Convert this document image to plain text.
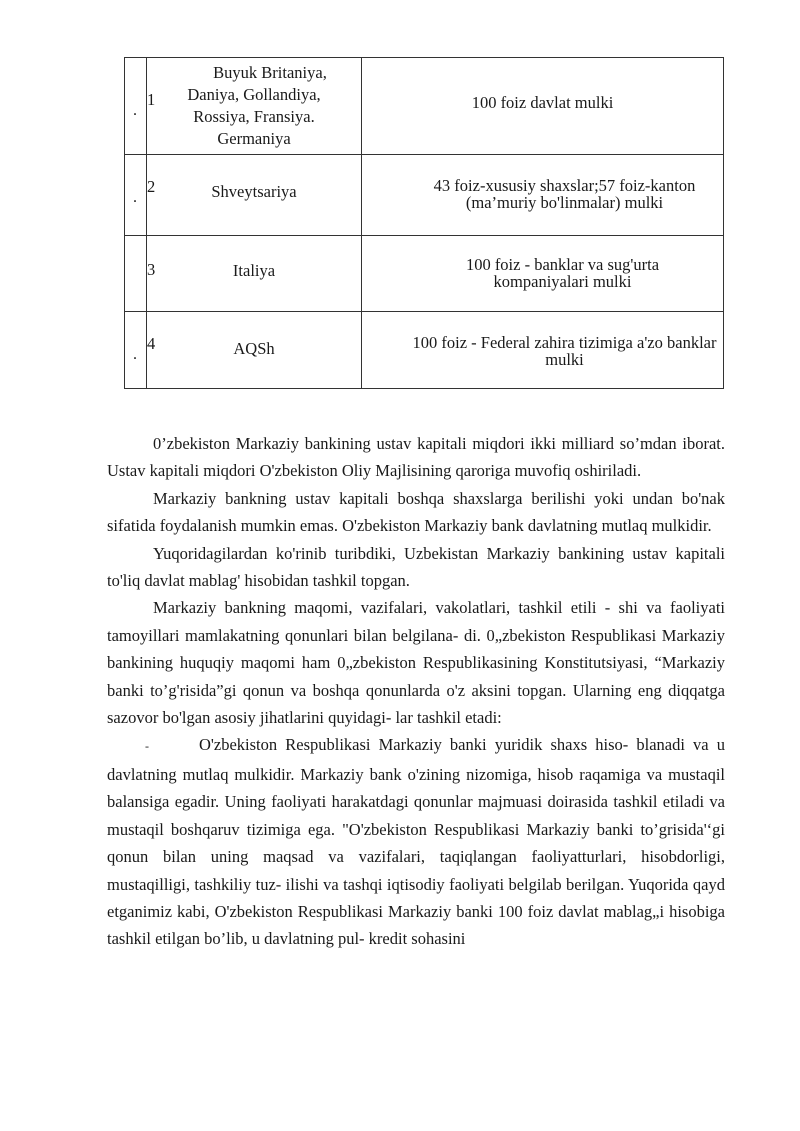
.
1	Buyuk Britaniya,
Daniya, Gollandiya,
Rossiya, Fransiya.
Germaniya	100 foiz davlat mulki

.
2	Shveytsariya	43 foiz-xususiy shaxslar;57 foiz-kanton (ma’muriy bo'linmalar) mulki

3	Italiya	100 foiz - banklar va sug'urta kompaniyalari mulki

.
4	AQSh	100 foiz - Federal zahira tizimiga a'zo banklar mulki

0’zbekiston Markaziy bankining ustav kapitali miqdori ikki milliard so’mdan iborat. Ustav kapitali miqdori O'zbekiston Oliy Majlisining qaroriga muvofiq oshiriladi.

Markaziy bankning ustav kapitali boshqa shaxslarga berilishi yoki undan bo'nak sifatida foydalanish mumkin emas. O'zbekiston Markaziy bank davlatning mutlaq mulkidir.

Yuqoridagilardan ko'rinib turibdiki, Uzbekistan Markaziy bankining ustav kapitali to'liq davlat mablag' hisobidan tashkil topgan.

Markaziy bankning maqomi, vazifalari, vakolatlari, tashkil etili - shi va faoliyati tamoyillari mamlakatning qonunlari bilan belgilana- di. 0„zbekiston Respublikasi Markaziy bankining huquqiy maqomi ham 0„zbekiston Respublikasining Konstitutsiyasi, “Markaziy banki to’g'risida”gi qonun va boshqa qonunlarda o'z aksini topgan. Ularning eng diqqatga sazovor bo'lgan asosiy jihatlarini quyidagi- lar tashkil etadi:

-	O'zbekiston Respublikasi Markaziy banki yuridik shaxs hiso- blanadi va u davlatning mutlaq mulkidir. Markaziy bank o'zining nizomiga, hisob raqamiga va mustaqil balansiga egadir. Uning faoliyati harakatdagi qonunlar majmuasi doirasida tashkil etiladi va mustaqil boshqaruv tizimiga ega. "O'zbekiston Respublikasi Markaziy banki to’grisida'‘gi qonun bilan uning maqsad va vazifalari, taqiqlangan faoliyatturlari, hisobdorligi, mustaqilligi, tashkiliy tuz- ilishi va tashqi iqtisodiy faoliyati belgilab berilgan. Yuqorida qayd etganimiz kabi, O'zbekiston Respublikasi Markaziy banki 100 foiz davlat mablag„i hisobiga tashkil etilgan bo’lib, u davlatning pul- kredit sohasini
